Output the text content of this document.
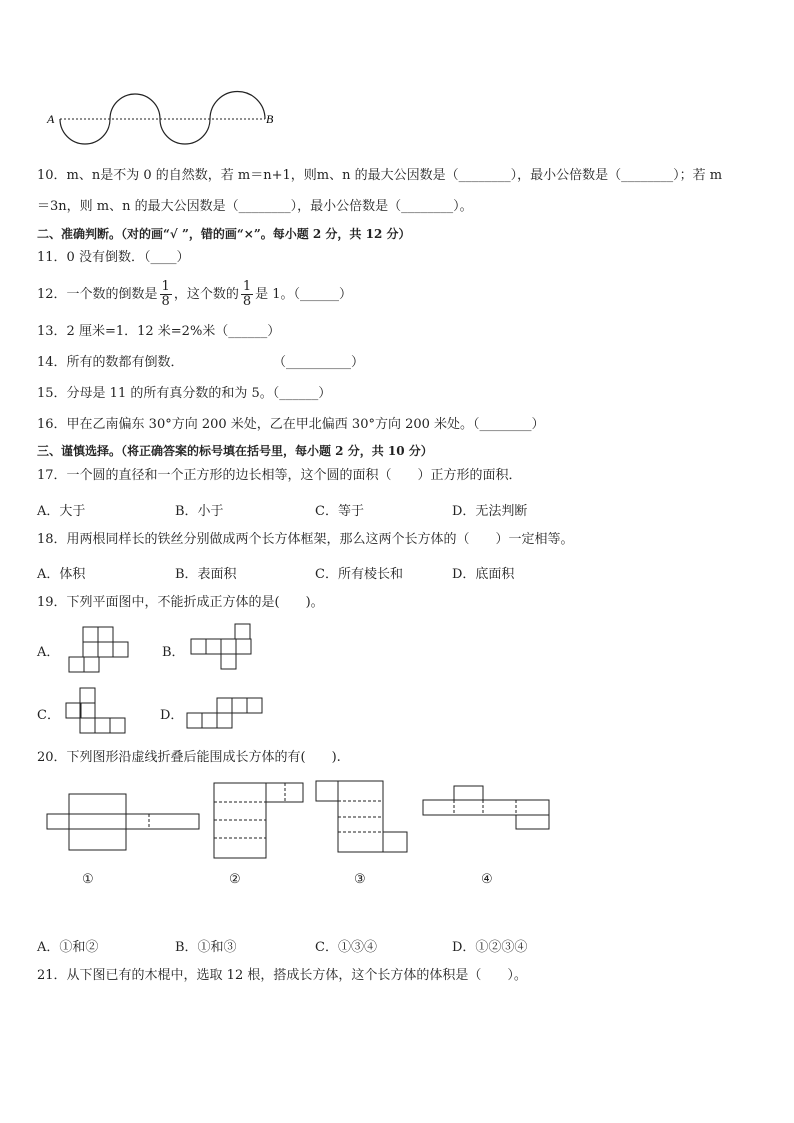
A	B
10．m、n是不为 0 的自然数，若 m＝n+1，则m、n 的最大公因数是（________），最小公倍数是（________）；若 m
＝3n，则 m、n 的最大公因数是（________），最小公倍数是（________）。
二、准确判断。（对的画“√ ”，错的画“×”。每小题 2 分，共 12 分）
11．0 没有倒数．（____）
12．一个数的倒数是 $\frac{1}{8}$ ，这个数的 $\frac{1}{8}$ 是 1。（______）
13．2 厘米=1．12 米=2%米（______）
14．所有的数都有倒数．	（__________）
15．分母是 11 的所有真分数的和为 5。（______）
16．甲在乙南偏东 30°方向 200 米处，乙在甲北偏西 30°方向 200 米处。（________）
三、谨慎选择。（将正确答案的标号填在括号里，每小题 2 分，共 10 分）
17．一个圆的直径和一个正方形的边长相等，这个圆的面积（　　）正方形的面积．
A．大于	B．小于	C．等于	D．无法判断
18．用两根同样长的铁丝分别做成两个长方体框架，那么这两个长方体的（　　）一定相等。
A．体积	B．表面积	C．所有棱长和	D．底面积
19．下列平面图中，不能折成正方体的是(　　)。
A．	B．
C．	D．
20．下列图形沿虚线折叠后能围成长方体的有(　　).
①	②	③	④
A．①和②	B．①和③	C．①③④	D．①②③④
21．从下图已有的木棍中，选取 12 根，搭成长方体，这个长方体的体积是（　　）。
